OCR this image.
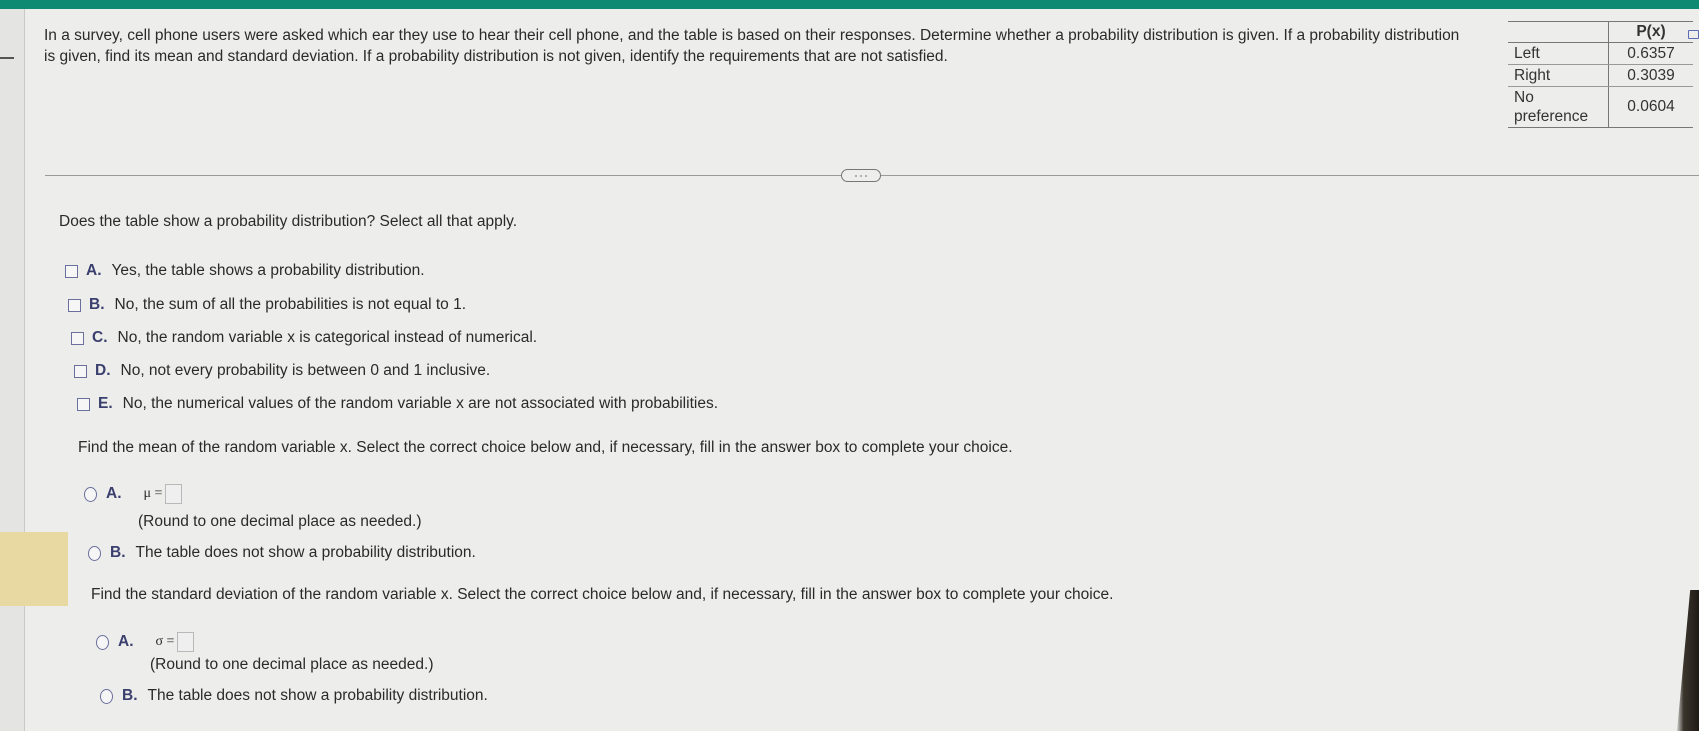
In a survey, cell phone users were asked which ear they use to hear their cell phone, and the table is based on their responses. Determine whether a probability distribution is given. If a probability distribution is given, find its mean and standard deviation. If a probability distribution is not given, identify the requirements that are not satisfied.
	P(x)
Left	0.6357
Right	0.3039
No
preference	0.0604
Does the table show a probability distribution? Select all that apply.
A. Yes, the table shows a probability distribution.
B. No, the sum of all the probabilities is not equal to 1.
C. No, the random variable x is categorical instead of numerical.
D. No, not every probability is between 0 and 1 inclusive.
E. No, the numerical values of the random variable x are not associated with probabilities.
Find the mean of the random variable x. Select the correct choice below and, if necessary, fill in the answer box to complete your choice.
A. μ =
(Round to one decimal place as needed.)
B. The table does not show a probability distribution.
Find the standard deviation of the random variable x. Select the correct choice below and, if necessary, fill in the answer box to complete your choice.
A. σ =
(Round to one decimal place as needed.)
B. The table does not show a probability distribution.
